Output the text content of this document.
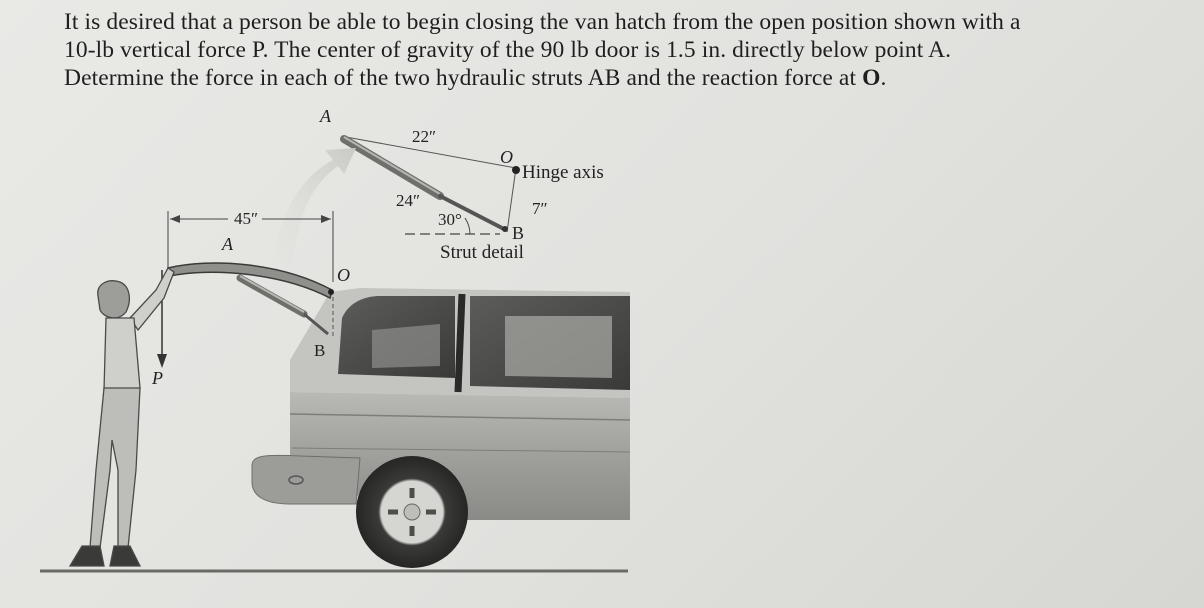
It is desired that a person be able to begin closing the van hatch from the open position shown with a

10-lb vertical force P. The center of gravity of the 90 lb door is 1.5 in. directly below point A.

Determine the force in each of the two hydraulic struts AB and the reaction force at O.

A
22″
O
Hinge axis
24″
30°
7″
B
Strut detail
45″
A
O
B
P
